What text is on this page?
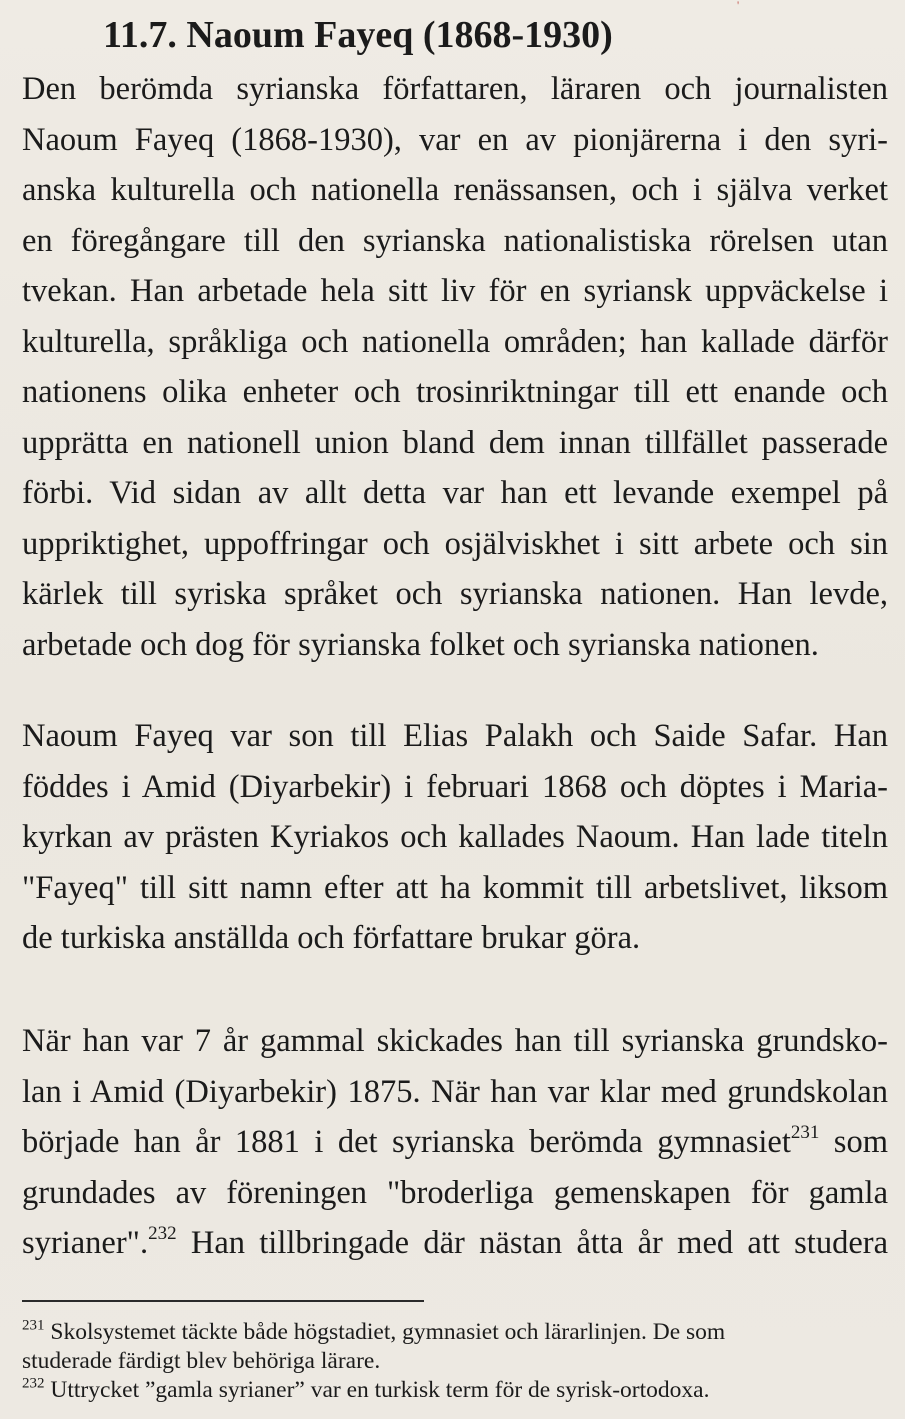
'
11.7. Naoum Fayeq (1868-1930)
Den berömda syrianska författaren, läraren och journalisten
Naoum Fayeq (1868-1930), var en av pionjärerna i den syri-
anska kulturella och nationella renässansen, och i själva verket
en föregångare till den syrianska nationalistiska rörelsen utan
tvekan. Han arbetade hela sitt liv för en syriansk uppväckelse i
kulturella, språkliga och nationella områden; han kallade därför
nationens olika enheter och trosinriktningar till ett enande och
upprätta en nationell union bland dem innan tillfället passerade
förbi. Vid sidan av allt detta var han ett levande exempel på
uppriktighet, uppoffringar och osjälviskhet i sitt arbete och sin
kärlek till syriska språket och syrianska nationen. Han levde,
arbetade och dog för syrianska folket och syrianska nationen.
Naoum Fayeq var son till Elias Palakh och Saide Safar. Han
föddes i Amid (Diyarbekir) i februari 1868 och döptes i Maria-
kyrkan av prästen Kyriakos och kallades Naoum. Han lade titeln
"Fayeq" till sitt namn efter att ha kommit till arbetslivet, liksom
de turkiska anställda och författare brukar göra.
När han var 7 år gammal skickades han till syrianska grundsko-
lan i Amid (Diyarbekir) 1875. När han var klar med grundskolan
började han år 1881 i det syrianska berömda gymnasiet$^{231}$ som
grundades av föreningen "broderliga gemenskapen för gamla
syrianer".$^{232}$ Han tillbringade där nästan åtta år med att studera
$^{231}$ Skolsystemet täckte både högstadiet, gymnasiet och lärarlinjen. De som
studerade färdigt blev behöriga lärare.
$^{232}$ Uttrycket ”gamla syrianer” var en turkisk term för de syrisk-ortodoxa.
